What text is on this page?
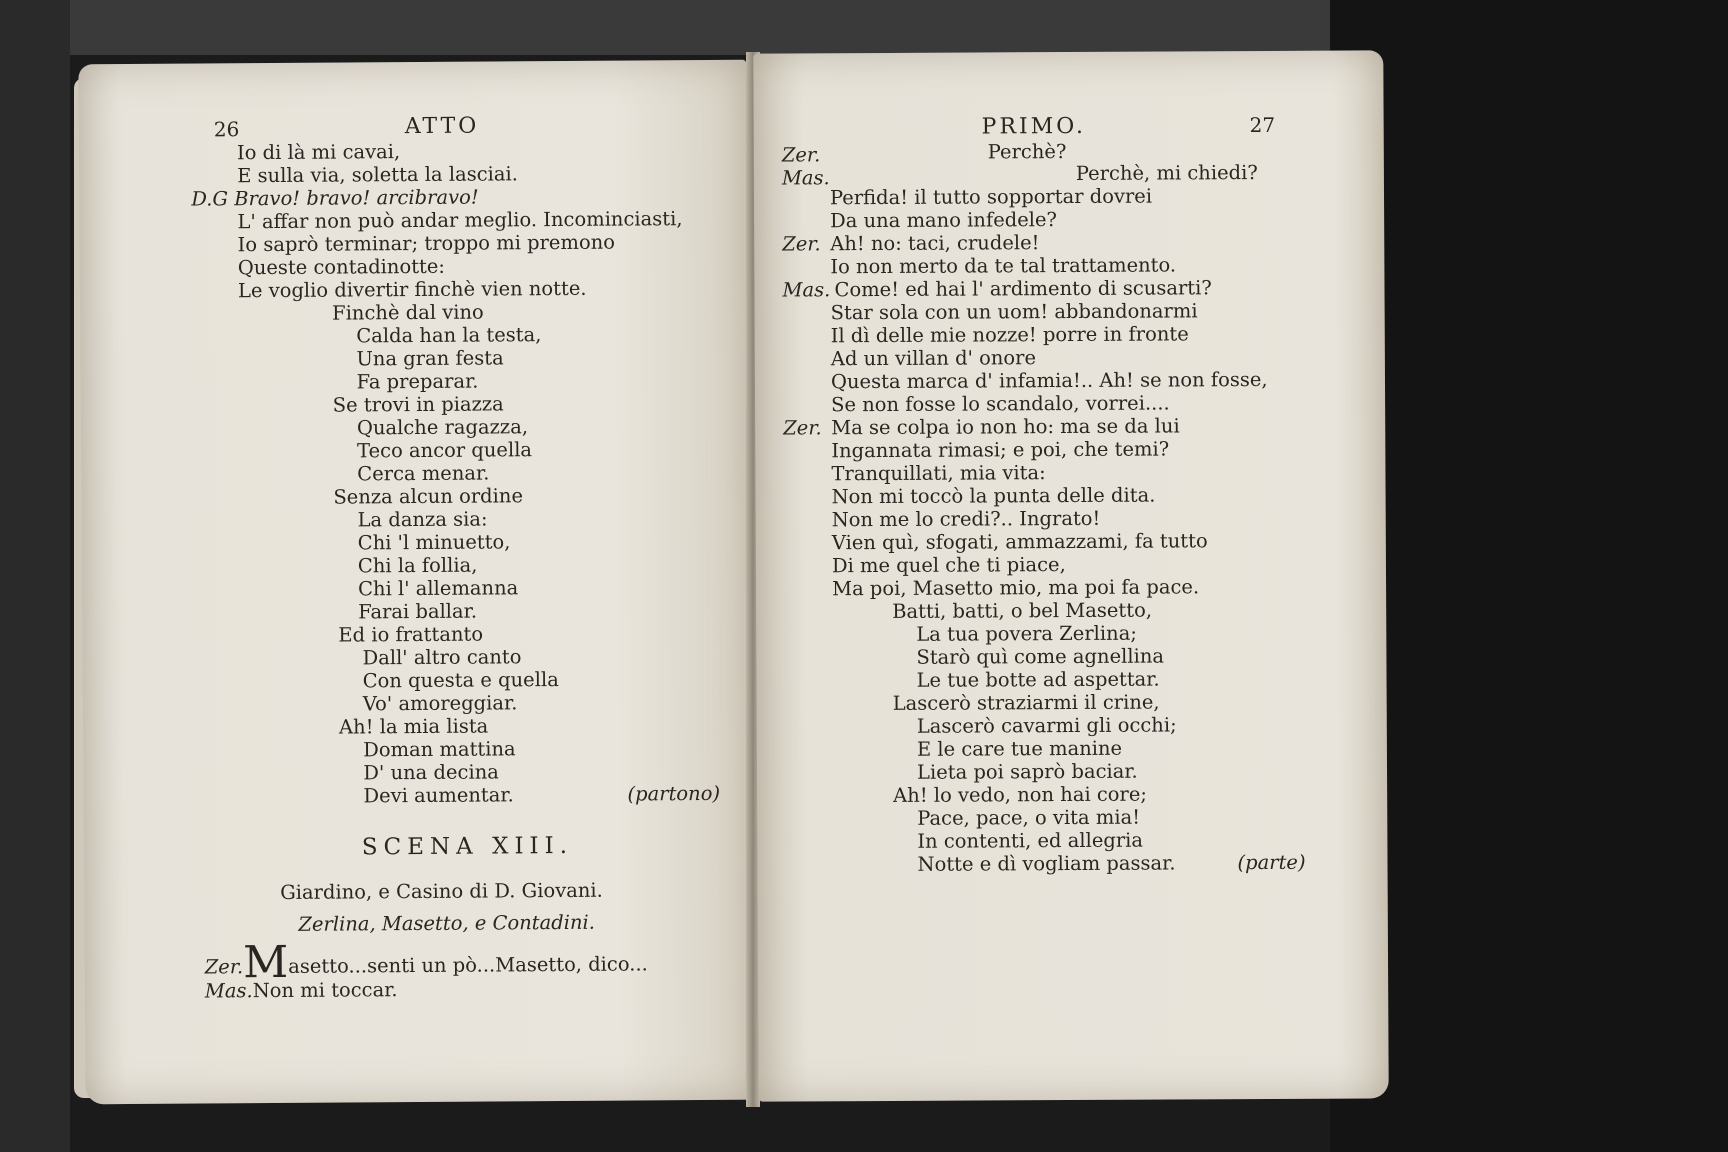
26	ATTO
Io di là mi cavai,
E sulla via, soletta la lasciai.
D.G Bravo! bravo! arcibravo!
L' affar non può andar meglio. Incominciasti,
Io saprò terminar; troppo mi premono
Queste contadinotte:
Le voglio divertir finchè vien notte.
Finchè dal vino
Calda han la testa,
Una gran festa
Fa preparar.
Se trovi in piazza
Qualche ragazza,
Teco ancor quella
Cerca menar.
Senza alcun ordine
La danza sia:
Chi 'l minuetto,
Chi la follia,
Chi l' allemanna
Farai ballar.
Ed io frattanto
Dall' altro canto
Con questa e quella
Vo' amoreggiar.
Ah! la mia lista
Doman mattina
D' una decina
Devi aumentar.	(partono)
SCENA XIII.
Giardino, e Casino di D. Giovani.
Zerlina, Masetto, e Contadini.
Zer.Masetto...senti un pò...Masetto, dico...
Mas.Non mi toccar.
PRIMO.	27
Zer.	Perchè?
Mas.	Perchè, mi chiedi?
Perfida! il tutto sopportar dovrei
Da una mano infedele?
Zer. Ah! no: taci, crudele!
Io non merto da te tal trattamento.
Mas. Come! ed hai l' ardimento di scusarti?
Star sola con un uom! abbandonarmi
Il dì delle mie nozze! porre in fronte
Ad un villan d' onore
Questa marca d' infamia!.. Ah! se non fosse,
Se non fosse lo scandalo, vorrei....
Zer. Ma se colpa io non ho: ma se da lui
Ingannata rimasi; e poi, che temi?
Tranquillati, mia vita:
Non mi toccò la punta delle dita.
Non me lo credi?.. Ingrato!
Vien quì, sfogati, ammazzami, fa tutto
Di me quel che ti piace,
Ma poi, Masetto mio, ma poi fa pace.
Batti, batti, o bel Masetto,
La tua povera Zerlina;
Starò quì come agnellina
Le tue botte ad aspettar.
Lascerò straziarmi il crine,
Lascerò cavarmi gli occhi;
E le care tue manine
Lieta poi saprò baciar.
Ah! lo vedo, non hai core;
Pace, pace, o vita mia!
In contenti, ed allegria
Notte e dì vogliam passar.	(parte)
